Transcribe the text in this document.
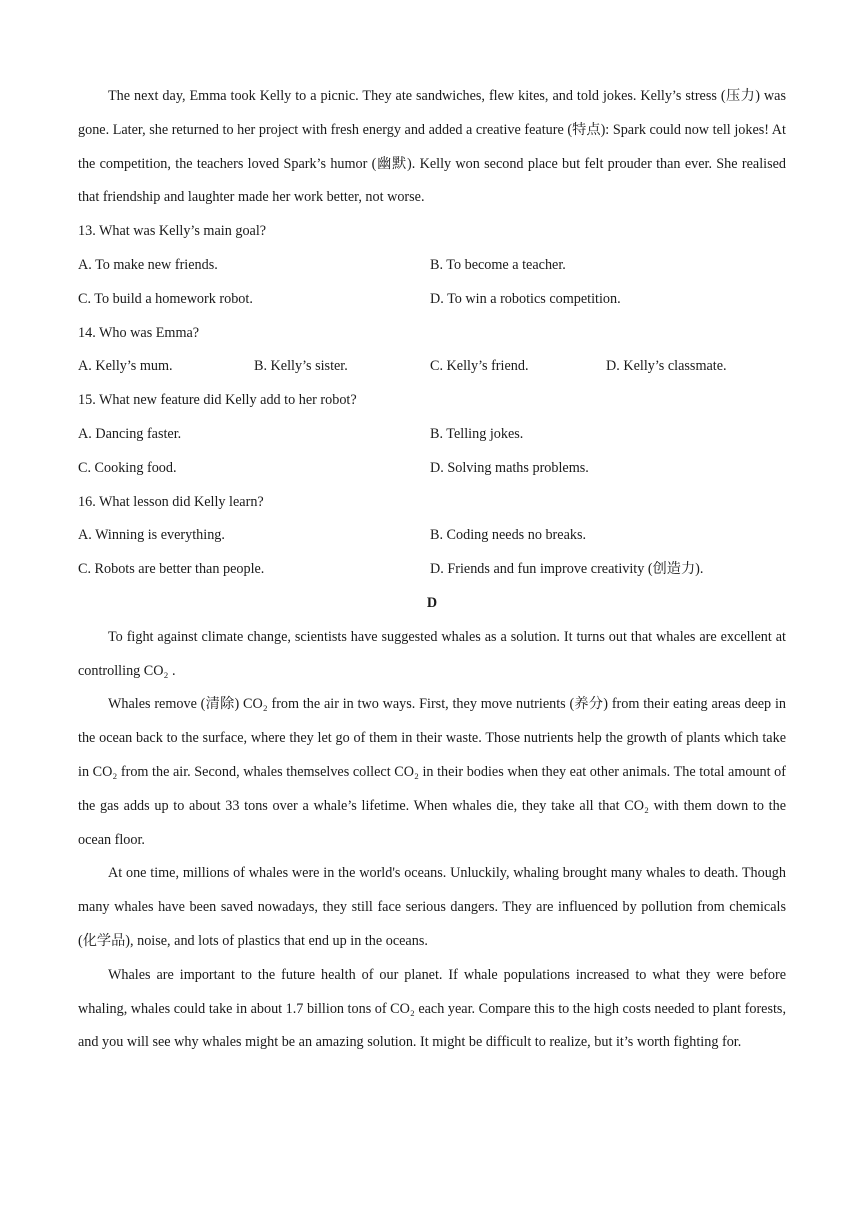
The next day, Emma took Kelly to a picnic. They ate sandwiches, flew kites, and told jokes. Kelly’s stress (压力) was gone. Later, she returned to her project with fresh energy and added a creative feature (特点): Spark could now tell jokes! At the competition, the teachers loved Spark’s humor (幽默). Kelly won second place but felt prouder than ever. She realised that friendship and laughter made her work better, not worse.

13. What was Kelly’s main goal?
A. To make new friends.	B. To become a teacher.
C. To build a homework robot.	D. To win a robotics competition.
14. Who was Emma?
A. Kelly’s mum.	B. Kelly’s sister.	C. Kelly’s friend.	D. Kelly’s classmate.
15. What new feature did Kelly add to her robot?
A. Dancing faster.	B. Telling jokes.
C. Cooking food.	D. Solving maths problems.
16. What lesson did Kelly learn?
A. Winning is everything.	B. Coding needs no breaks.
C. Robots are better than people.	D. Friends and fun improve creativity (创造力).
D

To fight against climate change, scientists have suggested whales as a solution. It turns out that whales are excellent at controlling CO₂ .

Whales remove (清除) CO₂ from the air in two ways. First, they move nutrients (养分) from their eating areas deep in the ocean back to the surface, where they let go of them in their waste. Those nutrients help the growth of plants which take in CO₂ from the air. Second, whales themselves collect CO₂ in their bodies when they eat other animals. The total amount of the gas adds up to about 33 tons over a whale’s lifetime. When whales die, they take all that CO₂ with them down to the ocean floor.

At one time, millions of whales were in the world's oceans. Unluckily, whaling brought many whales to death. Though many whales have been saved nowadays, they still face serious dangers. They are influenced by pollution from chemicals (化学品), noise, and lots of plastics that end up in the oceans.

Whales are important to the future health of our planet. If whale populations increased to what they were before whaling, whales could take in about 1.7 billion tons of CO₂ each year. Compare this to the high costs needed to plant forests, and you will see why whales might be an amazing solution. It might be difficult to realize, but it’s worth fighting for.
